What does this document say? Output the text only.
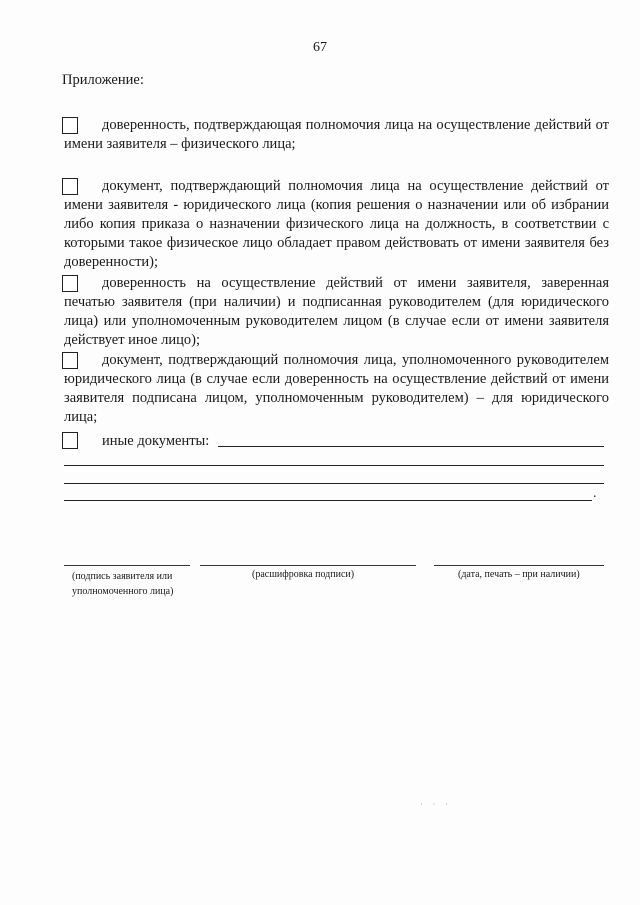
67
Приложение:
доверенность, подтверждающая полномочия лица на осуществление действий от имени заявителя – физического лица;
документ, подтверждающий полномочия лица на осуществление действий от имени заявителя - юридического лица (копия решения о назначении или об избрании либо копия приказа о назначении физического лица на должность, в соответствии с которыми такое физическое лицо обладает правом действовать от имени заявителя без доверенности);
доверенность на осуществление действий от имени заявителя, заверенная печатью заявителя (при наличии) и подписанная руководителем (для юридического лица) или уполномоченным руководителем лицом (в случае если от имени заявителя действует иное лицо);
документ, подтверждающий полномочия лица, уполномоченного руководителем юридического лица (в случае если доверенность на осуществление действий от имени заявителя подписана лицом, уполномоченным руководителем) – для юридического лица;
иные документы:
.
(подпись заявителя или уполномоченного лица)
(расшифровка подписи)	(дата, печать – при наличии)
· · ·
